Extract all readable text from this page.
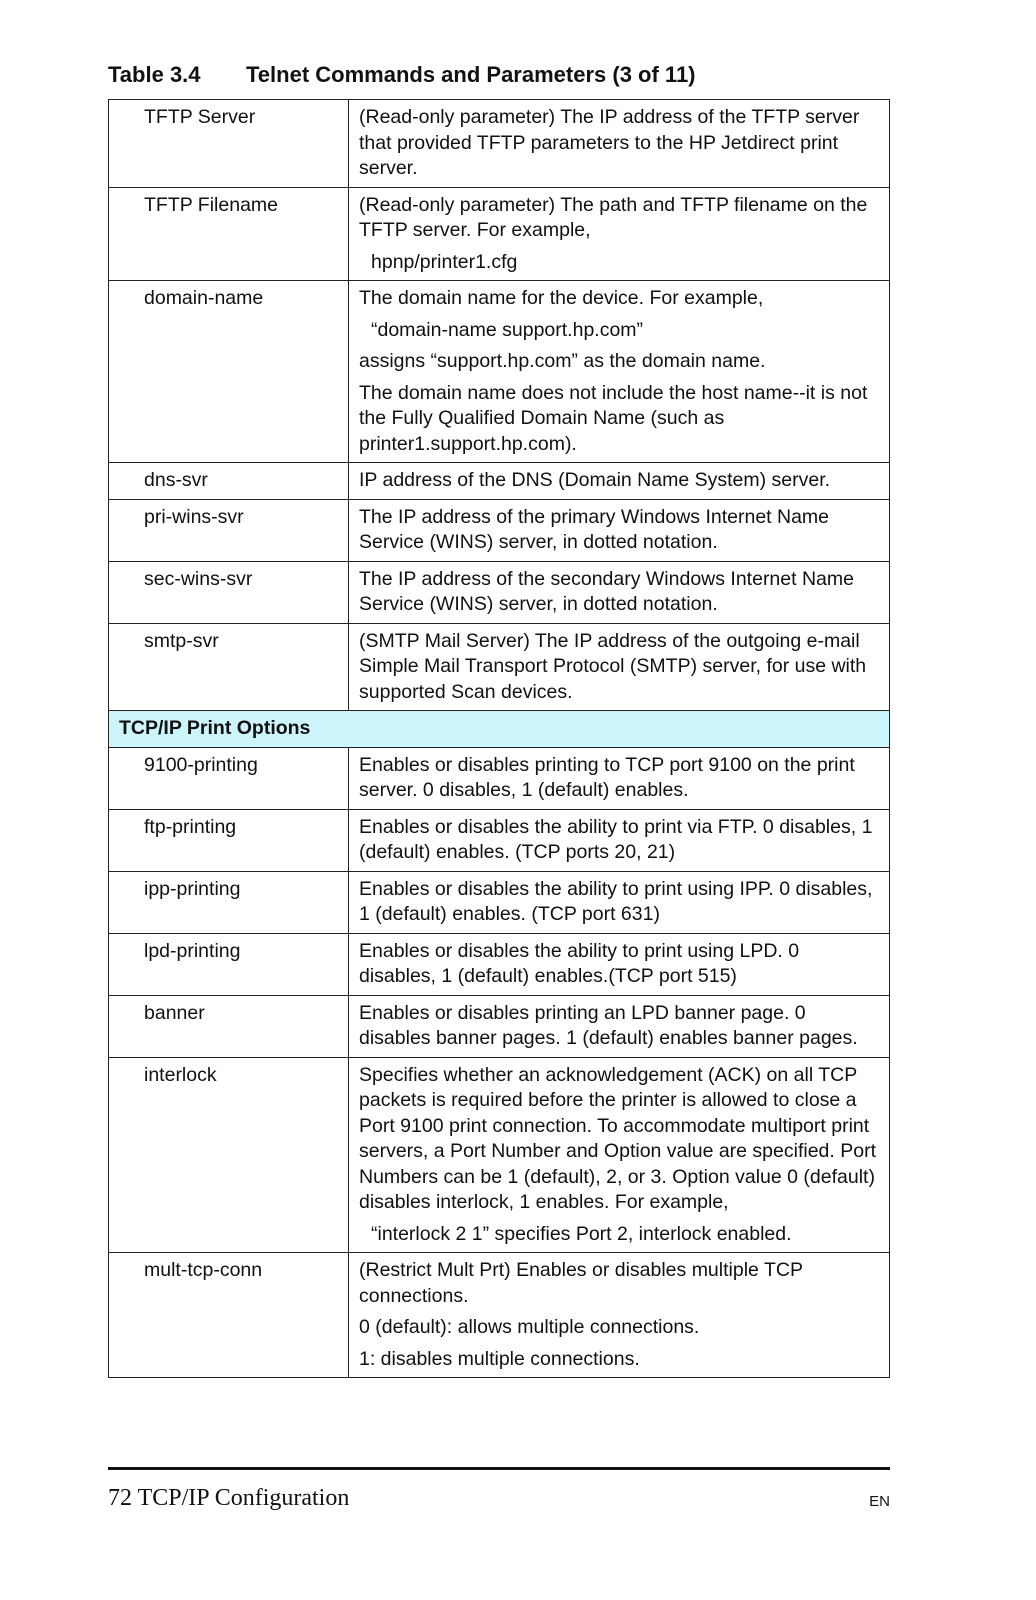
Table 3.4 Telnet Commands and Parameters (3 of 11)
TFTP Server	(Read-only parameter) The IP address of the TFTP server that provided TFTP parameters to the HP Jetdirect print server.

TFTP Filename	(Read-only parameter) The path and TFTP filename on the TFTP server. For example,

hpnp/printer1.cfg

domain-name	The domain name for the device. For example,

“domain-name support.hp.com”

assigns “support.hp.com” as the domain name.

The domain name does not include the host name--it is not the Fully Qualified Domain Name (such as printer1.support.hp.com).

dns-svr	IP address of the DNS (Domain Name System) server.

pri-wins-svr	The IP address of the primary Windows Internet Name Service (WINS) server, in dotted notation.

sec-wins-svr	The IP address of the secondary Windows Internet Name Service (WINS) server, in dotted notation.

smtp-svr	(SMTP Mail Server) The IP address of the outgoing e-mail Simple Mail Transport Protocol (SMTP) server, for use with supported Scan devices.

TCP/IP Print Options	
9100-printing	Enables or disables printing to TCP port 9100 on the print server. 0 disables, 1 (default) enables.

ftp-printing	Enables or disables the ability to print via FTP. 0 disables, 1 (default) enables. (TCP ports 20, 21)

ipp-printing	Enables or disables the ability to print using IPP. 0 disables, 1 (default) enables. (TCP port 631)

lpd-printing	Enables or disables the ability to print using LPD. 0 disables, 1 (default) enables.(TCP port 515)

banner	Enables or disables printing an LPD banner page. 0 disables banner pages. 1 (default) enables banner pages.

interlock	Specifies whether an acknowledgement (ACK) on all TCP packets is required before the printer is allowed to close a Port 9100 print connection. To accommodate multiport print servers, a Port Number and Option value are specified. Port Numbers can be 1 (default), 2, or 3. Option value 0 (default) disables interlock, 1 enables. For example,

“interlock 2 1” specifies Port 2, interlock enabled.

mult-tcp-conn	(Restrict Mult Prt) Enables or disables multiple TCP connections.

0 (default): allows multiple connections.

1: disables multiple connections.

72 TCP/IP Configuration	EN
